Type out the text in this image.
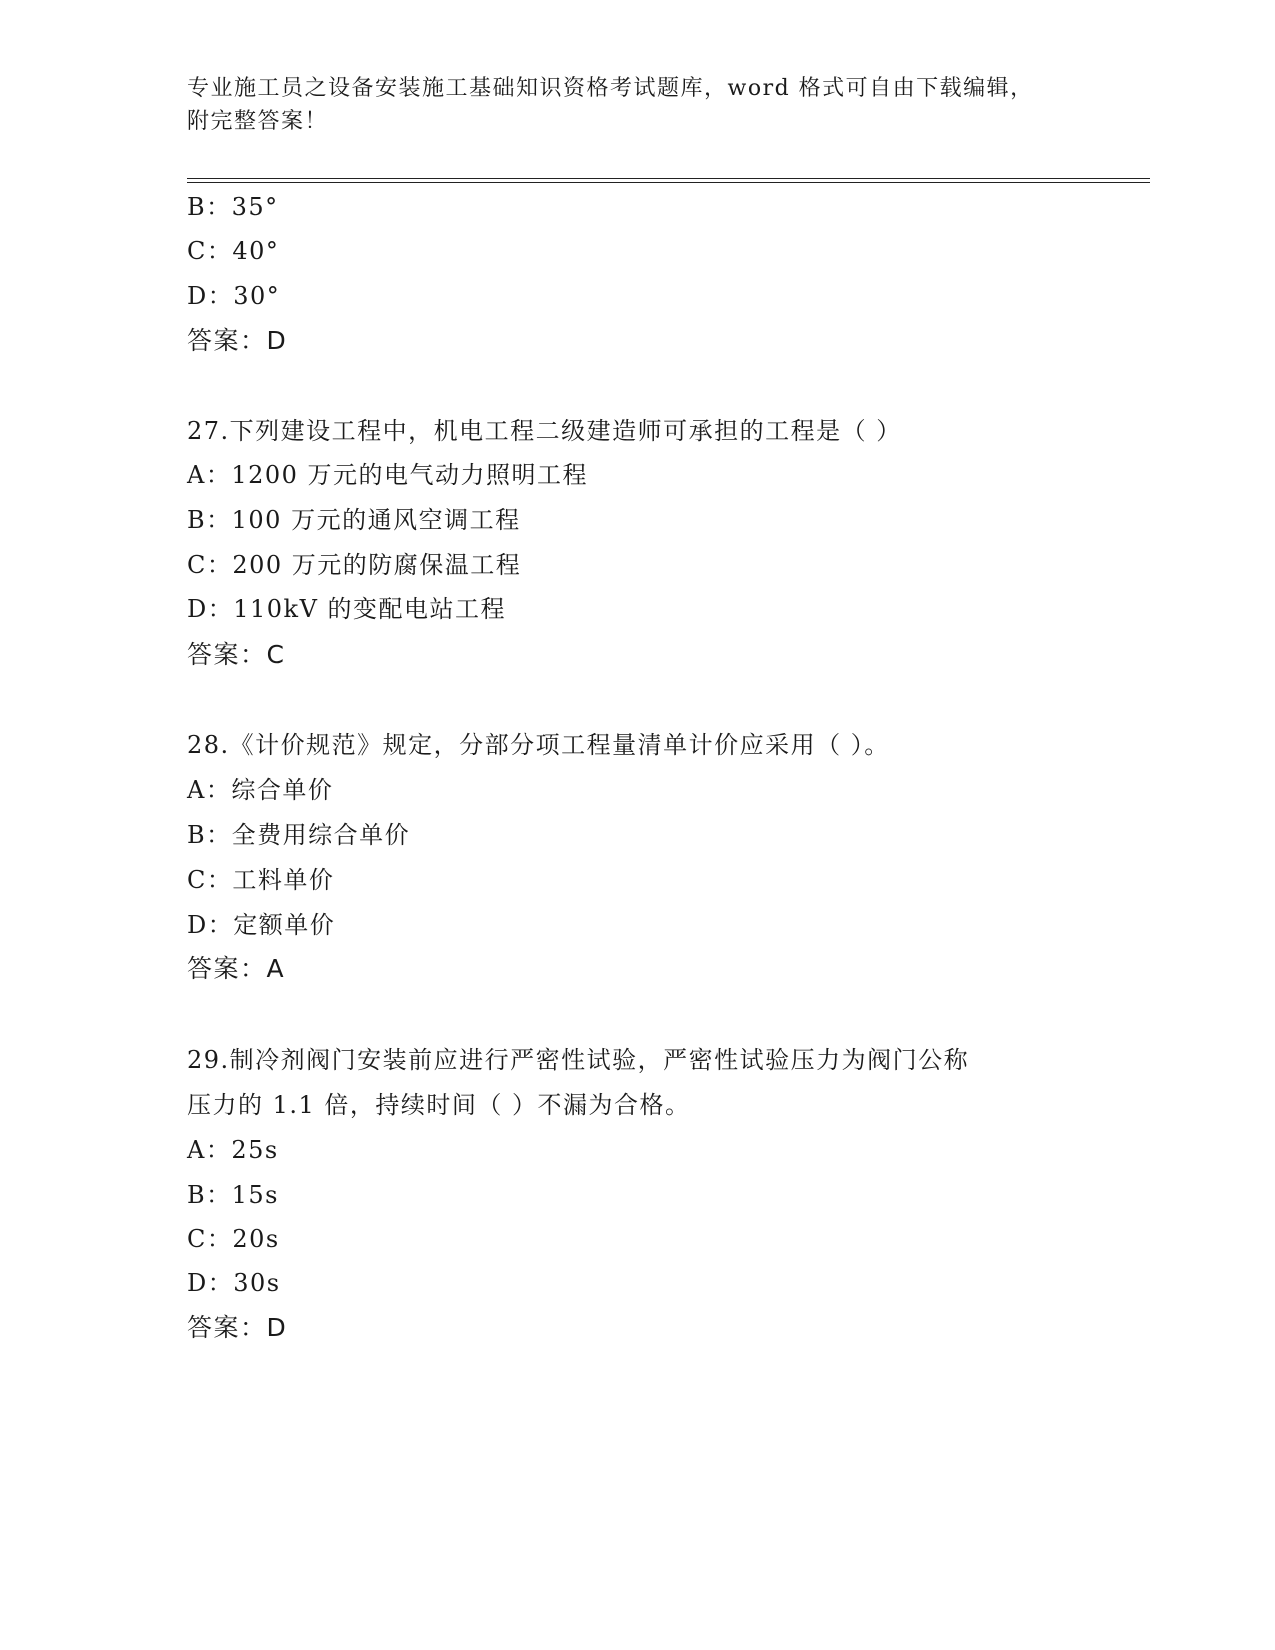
专业施工员之设备安装施工基础知识资格考试题库，word 格式可自由下载编辑，
附完整答案！
B：35°
C：40°
D：30°
答案：D
27.下列建设工程中，机电工程二级建造师可承担的工程是（ ）
A：1200 万元的电气动力照明工程
B：100 万元的通风空调工程
C：200 万元的防腐保温工程
D：110kV 的变配电站工程
答案：C
28.《计价规范》规定，分部分项工程量清单计价应采用（ ）。
A：综合单价
B：全费用综合单价
C：工料单价
D：定额单价
答案：A
29.制冷剂阀门安装前应进行严密性试验，严密性试验压力为阀门公称
压力的 1.1 倍，持续时间（ ）不漏为合格。
A：25s
B：15s
C：20s
D：30s
答案：D
